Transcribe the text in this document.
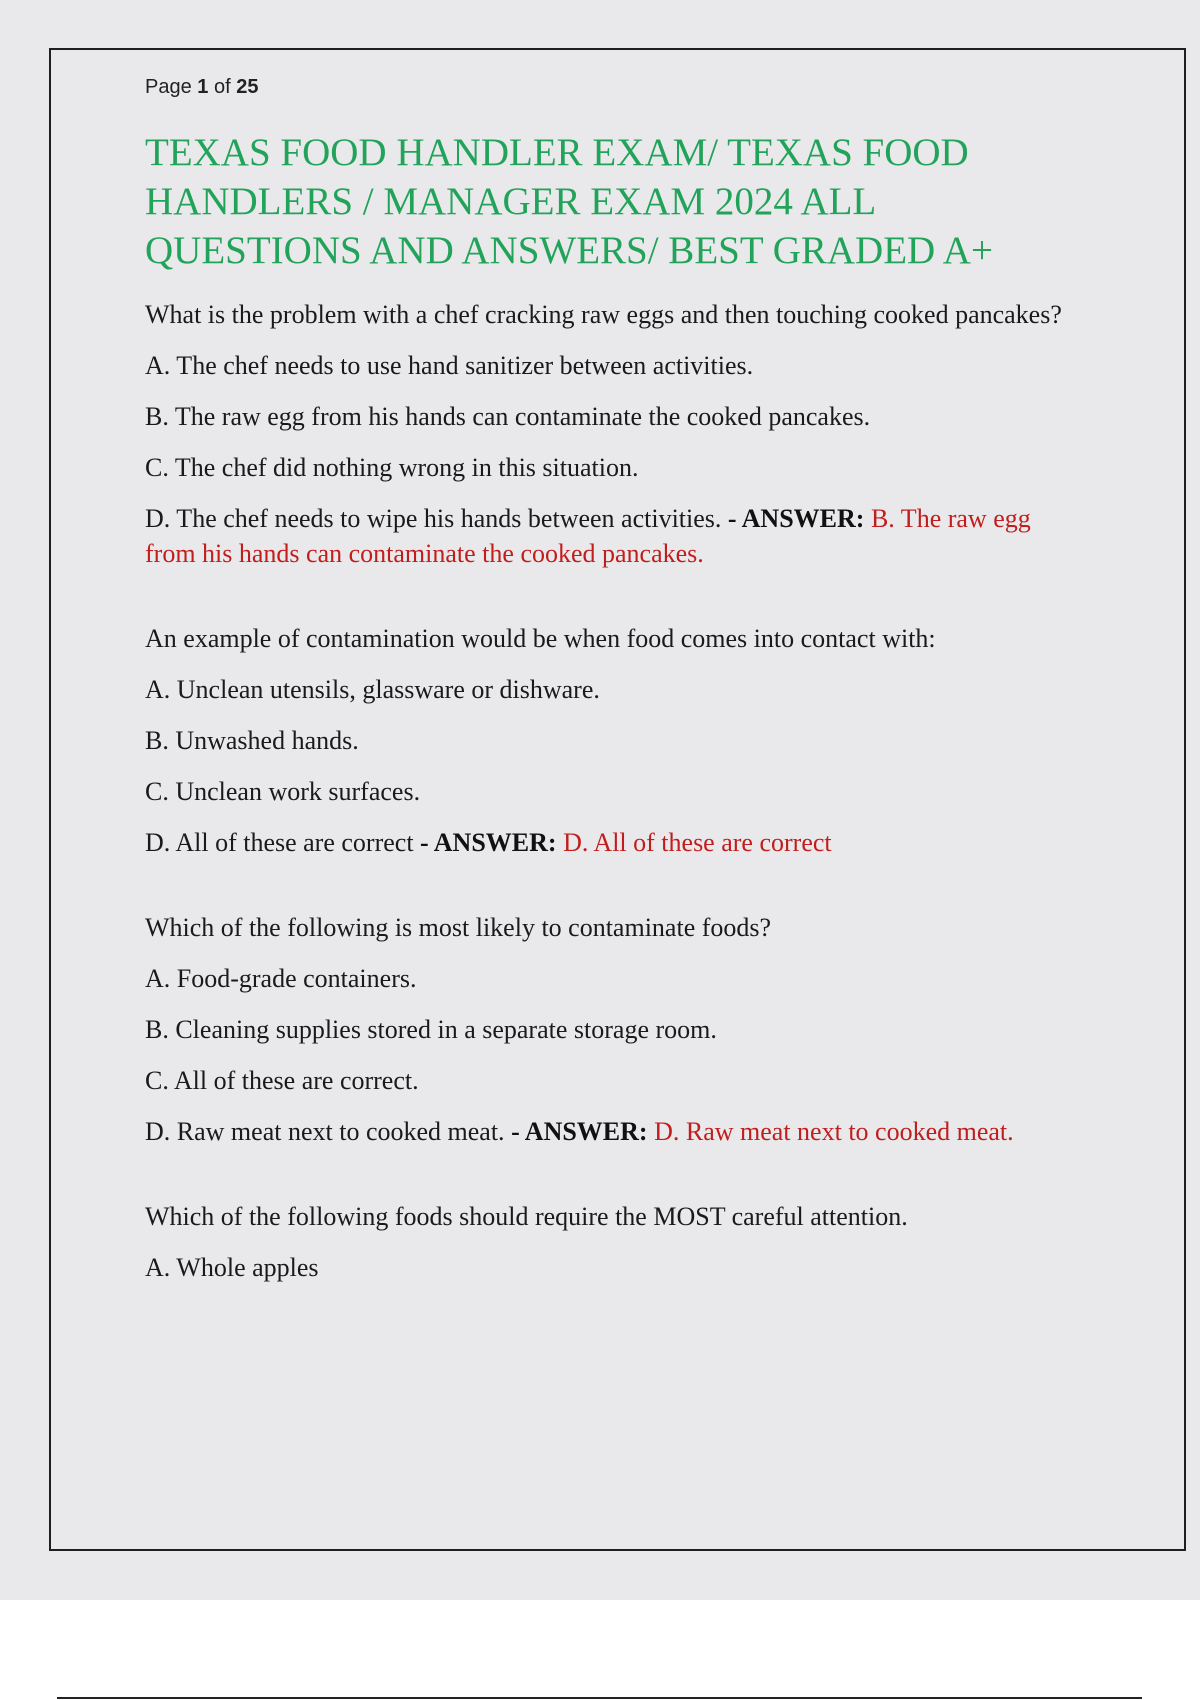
Page 1 of 25
TEXAS FOOD HANDLER EXAM/ TEXAS FOOD HANDLERS / MANAGER EXAM 2024 ALL QUESTIONS AND ANSWERS/ BEST GRADED A+

What is the problem with a chef cracking raw eggs and then touching cooked pancakes?

A. The chef needs to use hand sanitizer between activities.

B. The raw egg from his hands can contaminate the cooked pancakes.

C. The chef did nothing wrong in this situation.

D. The chef needs to wipe his hands between activities. - ANSWER: B. The raw egg from his hands can contaminate the cooked pancakes.

An example of contamination would be when food comes into contact with:

A. Unclean utensils, glassware or dishware.

B. Unwashed hands.

C. Unclean work surfaces.

D. All of these are correct - ANSWER: D. All of these are correct

Which of the following is most likely to contaminate foods?

A. Food-grade containers.

B. Cleaning supplies stored in a separate storage room.

C. All of these are correct.

D. Raw meat next to cooked meat. - ANSWER: D. Raw meat next to cooked meat.

Which of the following foods should require the MOST careful attention.

A. Whole apples
